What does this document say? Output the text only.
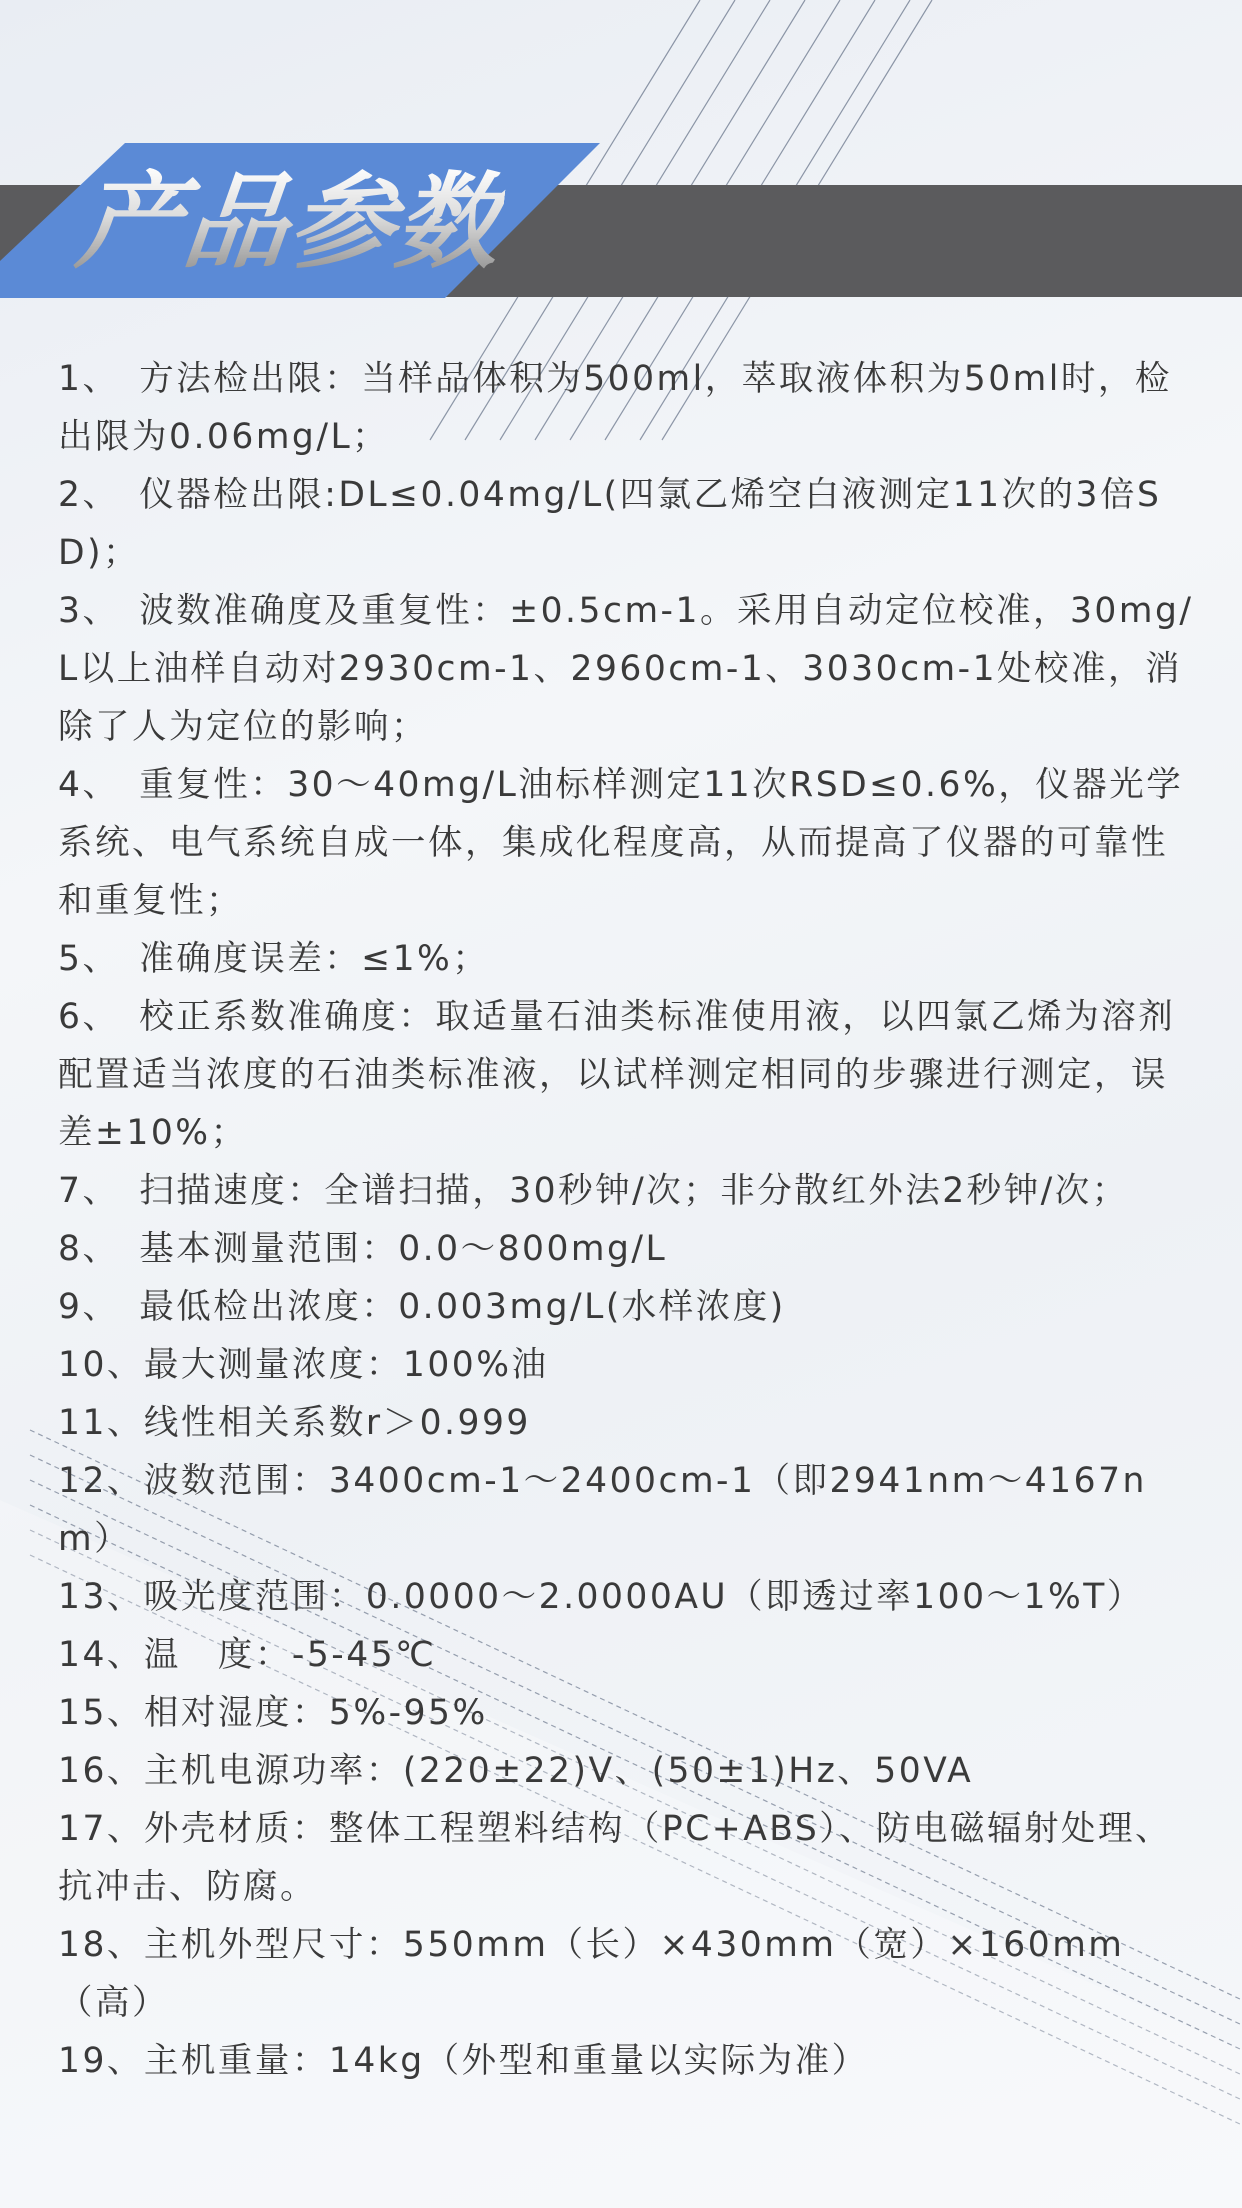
产品参数

1、　方法检出限：当样品体积为500ml，萃取液体积为50ml时，检出限为0.06mg/L；

2、　仪器检出限:DL≤0.04mg/L(四氯乙烯空白液测定11次的3倍SD)；

3、　波数准确度及重复性：±0.5cm-1。采用自动定位校准，30mg/L以上油样自动对2930cm-1、2960cm-1、3030cm-1处校准，消除了人为定位的影响；

4、　重复性：30～40mg/L油标样测定11次RSD≤0.6%，仪器光学系统、电气系统自成一体，集成化程度高，从而提高了仪器的可靠性和重复性；

5、　准确度误差：≤1%；

6、　校正系数准确度：取适量石油类标准使用液，以四氯乙烯为溶剂配置适当浓度的石油类标准液，以试样测定相同的步骤进行测定，误差±10%；

7、　扫描速度：全谱扫描，30秒钟/次；非分散红外法2秒钟/次；

8、　基本测量范围：0.0～800mg/L

9、　最低检出浓度：0.003mg/L(水样浓度)

10、最大测量浓度：100%油

11、线性相关系数r＞0.999

12、波数范围：3400cm-1～2400cm-1（即2941nm～4167nm）

13、吸光度范围：0.0000～2.0000AU（即透过率100～1%T）

14、温　度：-5-45℃

15、相对湿度：5%-95%

16、主机电源功率：(220±22)V、(50±1)Hz、50VA

17、外壳材质：整体工程塑料结构（PC+ABS）、防电磁辐射处理、抗冲击、防腐。

18、主机外型尺寸：550mm（长）×430mm（宽）×160mm（高）

19、主机重量：14kg（外型和重量以实际为准）
